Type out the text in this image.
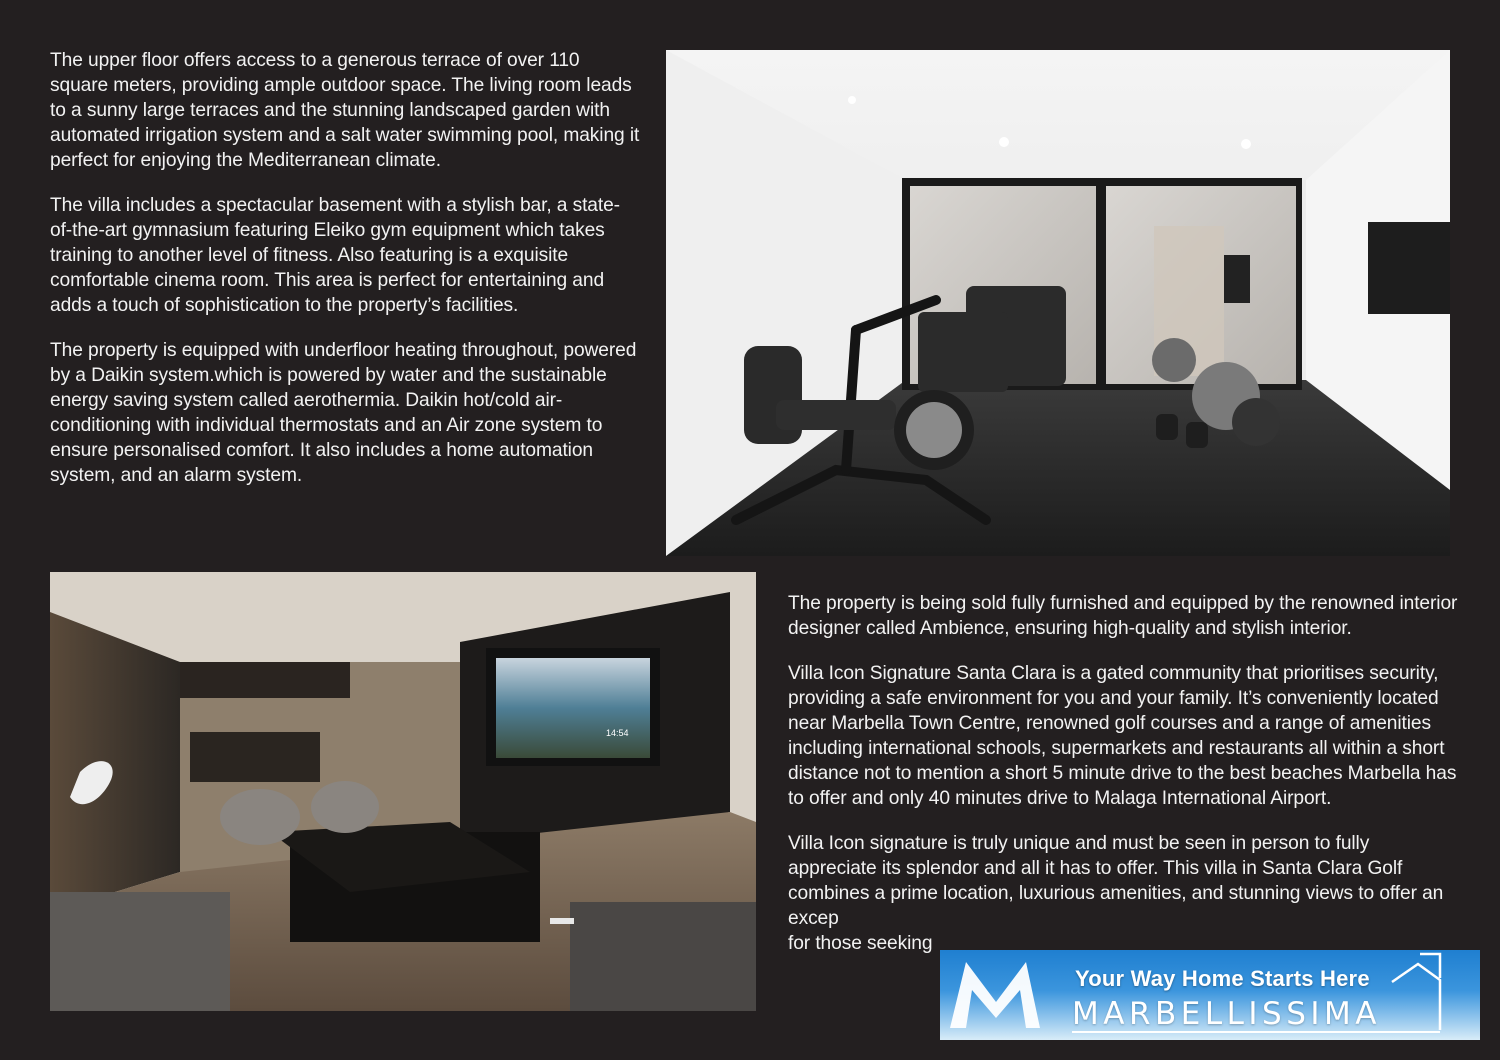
The upper floor offers access to a generous terrace of over 110 square meters, providing ample outdoor space. The living room leads to a sunny large terraces and the stunning landscaped garden with automated irrigation system and a salt water swimming pool, making it perfect for enjoying the Mediterranean climate.

The villa includes a spectacular basement with a stylish bar, a state-of-the-art gymnasium featuring Eleiko gym equipment which takes training to another level of fitness. Also featuring is a exquisite comfortable cinema room. This area is perfect for entertaining and adds a touch of sophistication to the property’s facilities.

The property is equipped with underfloor heating throughout, powered by a Daikin system.which is powered by water and the sustainable energy saving system called aerothermia. Daikin hot/cold air-conditioning with individual thermostats and an Air zone system to ensure personalised comfort. It also includes a home automation system, and an alarm system.

14:54

The property is being sold fully furnished and equipped by the renowned interior designer called Ambience, ensuring high-quality and stylish interior.

Villa Icon Signature Santa Clara is a gated community that prioritises security, providing a safe environment for you and your family. It’s conveniently located near Marbella Town Centre, renowned golf courses and a range of amenities including international schools, supermarkets and restaurants all within a short distance not to mention a short 5 minute drive to the best beaches Marbella has to offer and only 40 minutes drive to Malaga International Airport.

Villa Icon signature is truly unique and must be seen in person to fully appreciate its splendor and all it has to offer. This villa in Santa Clara Golf combines a prime location, luxurious amenities, and stunning views to offer an excep
for those seeking

Your Way Home Starts Here
MARBELLISSIMA
